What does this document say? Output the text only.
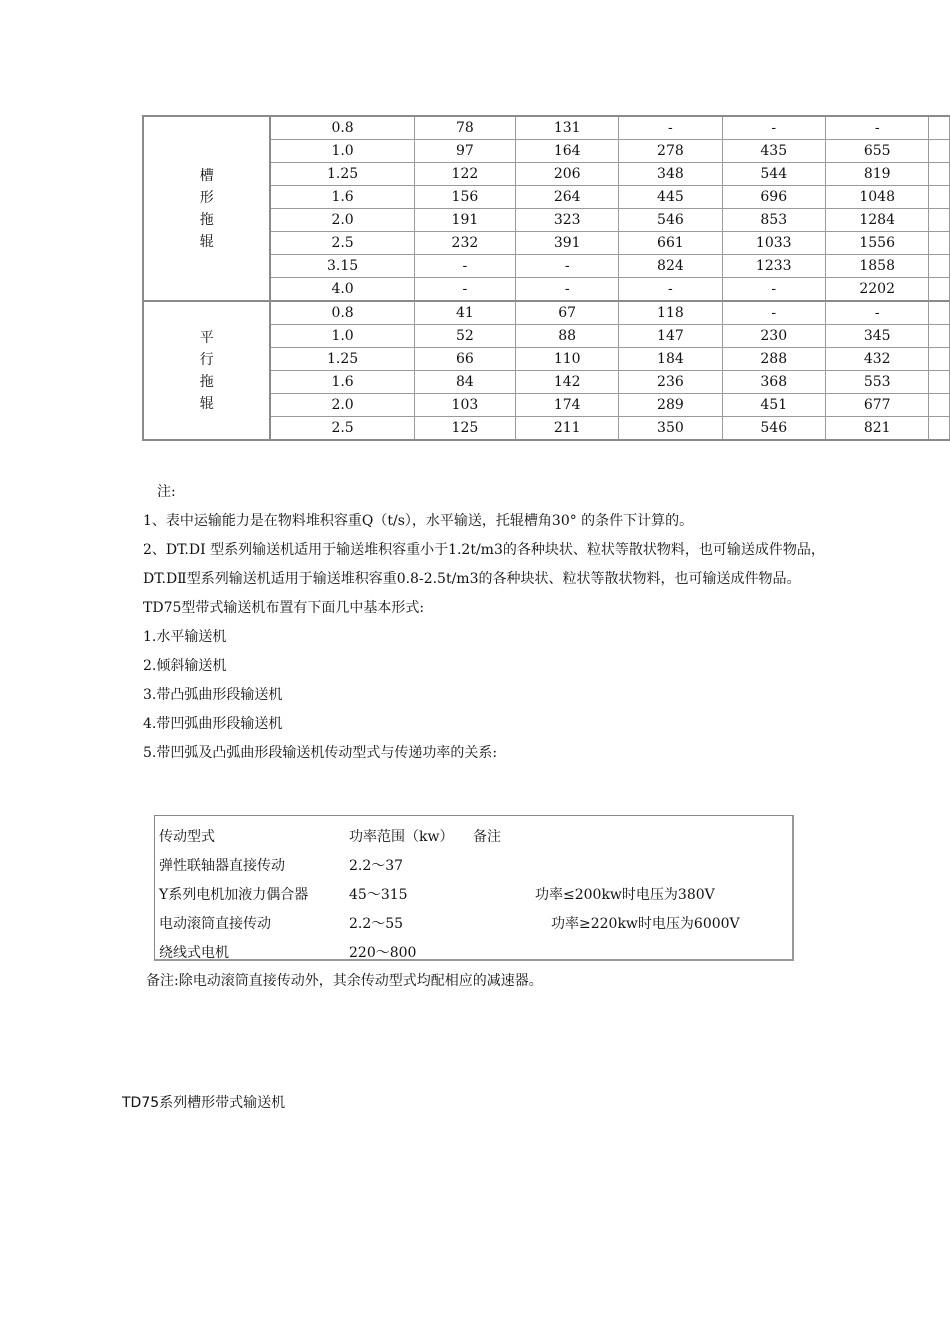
槽形拖辊	0.8	78	131	-	-	-	
	1.0	97	164	278	435	655	
	1.25	122	206	348	544	819	
	1.6	156	264	445	696	1048	
	2.0	191	323	546	853	1284	
	2.5	232	391	661	1033	1556	
	3.15	-	-	824	1233	1858	
	4.0	-	-	-	-	2202	
平行拖辊	0.8	41	67	118	-	-	
	1.0	52	88	147	230	345	
	1.25	66	110	184	288	432	
	1.6	84	142	236	368	553	
	2.0	103	174	289	451	677	
	2.5	125	211	350	546	821	

注:

1、表中运输能力是在物料堆积容重Q（t/s），水平输送，托辊槽角30° 的条件下计算的。

2、DT.DI 型系列输送机适用于输送堆积容重小于1.2t/m3的各种块状、粒状等散状物料，也可输送成件物品，DT.DⅡ型系列输送机适用于输送堆积容重0.8-2.5t/m3的各种块状、粒状等散状物料，也可输送成件物品。

TD75型带式输送机布置有下面几中基本形式:

1.水平输送机

2.倾斜输送机

3.带凸弧曲形段输送机

4.带凹弧曲形段输送机

5.带凹弧及凸弧曲形段输送机传动型式与传递功率的关系:

传动型式	功率范围（kw） 备注
弹性联轴器直接传动	2.2～37
Y系列电机加液力偶合器	45～315	功率≤200kw时电压为380V
电动滚筒直接传动	2.2～55	功率≥220kw时电压为6000V
绕线式电机	220～800
备注:除电动滚筒直接传动外，其余传动型式均配相应的减速器。
TD75系列槽形带式输送机
